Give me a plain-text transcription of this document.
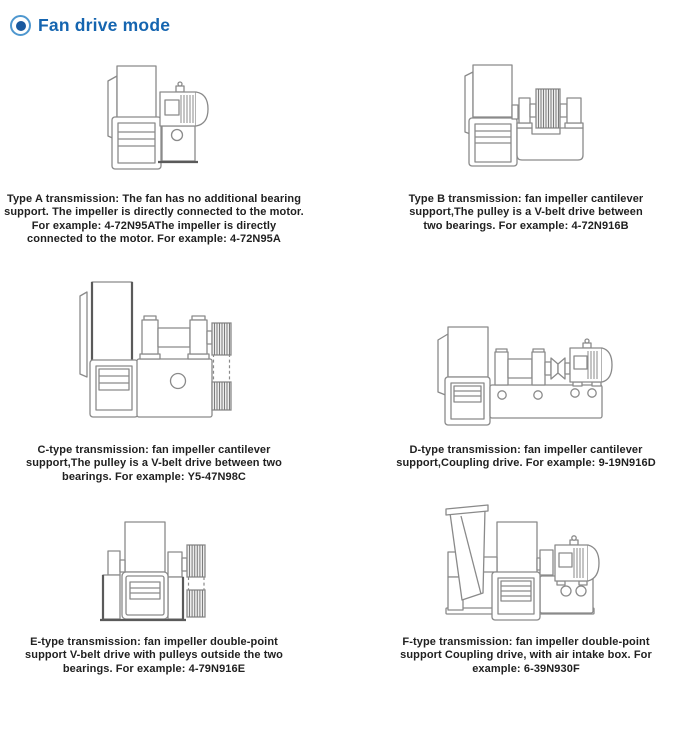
Fan drive mode
Type A transmission: The fan has no additional bearing support. The impeller is directly connected to the motor. For example: 4-72N95AThe impeller is directly connected to the motor. For example: 4-72N95A
Type B transmission: fan impeller cantilever support,The pulley is a V-belt drive between two bearings. For example: 4-72N916B
C-type transmission: fan impeller cantilever support,The pulley is a V-belt drive between two bearings. For example: Y5-47N98C
D-type transmission: fan impeller cantilever support,Coupling drive. For example: 9-19N916D
E-type transmission: fan impeller double-point support V-belt drive with pulleys outside the two bearings. For example: 4-79N916E
F-type transmission: fan impeller double-point support Coupling drive, with air intake box. For example: 6-39N930F
